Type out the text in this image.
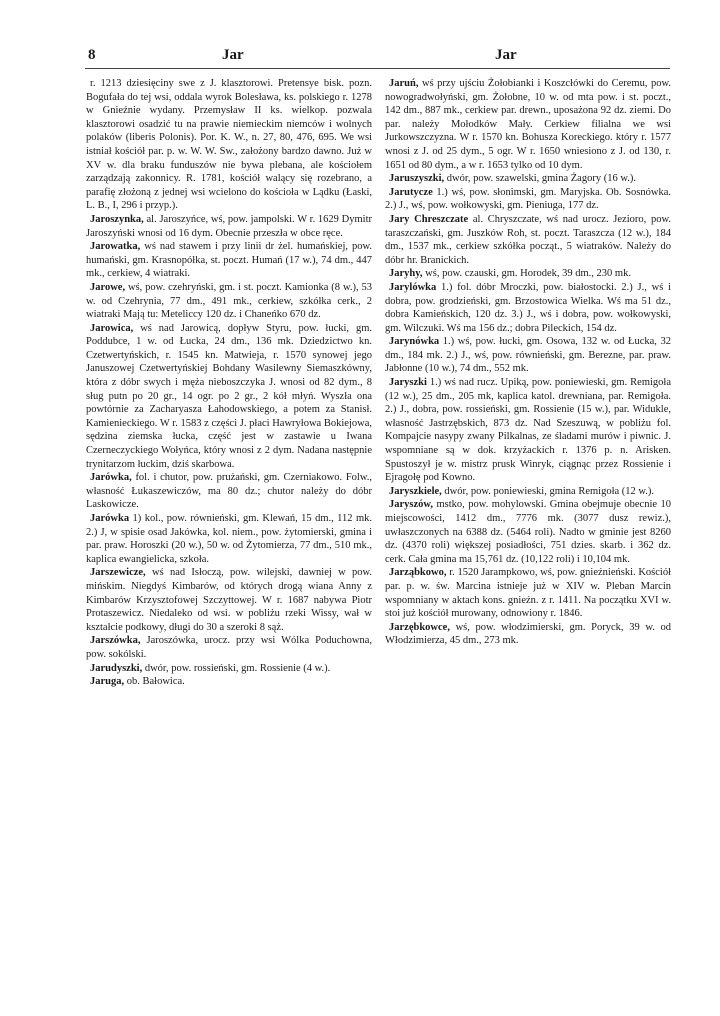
8	Jar	Jar

r. 1213 dziesięciny swe z J. klasztorowi. Pretensye bisk. pozn. Bogufała do tej wsi, oddala wyrok Bolesława, ks. polskiego r. 1278 w Gnieźnie wydany. Przemysław II ks. wielkop. pozwala klasztorowi osadzić tu na prawie niemieckim niemców i wolnych polaków (liberis Polonis). Por. K. W., n. 27, 80, 476, 695. We wsi istniał kościół par. p. w. W. W. Sw., założony bardzo dawno. Już w XV w. dla braku funduszów nie bywa plebana, ale kościołem zarządzają zakonnicy. R. 1781, kościół walący się rozebrano, a parafię złożoną z jednej wsi wcielono do kościoła w Lądku (Łaski, L. B., I, 296 i przyp.).

Jaroszynka, al. Jaroszyńce, wś, pow. jampolski. W r. 1629 Dymitr Jaroszyński wnosi od 16 dym. Obecnie przeszła w obce ręce.

Jarowatka, wś nad stawem i przy linii dr żel. humańskiej, pow. humański, gm. Krasnopółka, st. poczt. Humań (17 w.), 74 dm., 447 mk., cerkiew, 4 wiatraki.

Jarowe, wś, pow. czehryński, gm. i st. poczt. Kamionka (8 w.), 53 w. od Czehrynia, 77 dm., 491 mk., cerkiew, szkółka cerk., 2 wiatraki Mają tu: Meteliccy 120 dz. i Chaneńko 670 dz.

Jarowica, wś nad Jarowicą, dopływ Styru, pow. łucki, gm. Poddubce, 1 w. od Łucka, 24 dm., 136 mk. Dziedzictwo kn. Czetwertyńskich, r. 1545 kn. Matwieja, r. 1570 synowej jego Januszowej Czetwertyńskiej Bohdany Wasilewny Siemaszkówny, która z dóbr swych i męża nieboszczyka J. wnosi od 82 dym., 8 sług putn po 20 gr., 14 ogr. po 2 gr., 2 kół młyń. Wyszła ona powtórnie za Zacharyasza Łahodowskiego, a potem za Stanisł. Kamienieckiego. W r. 1583 z części J. płaci Hawryłowa Bokiejowa, sędzina ziemska łucka, część jest w zastawie u Iwana Czerneczyckiego Wołyńca, który wnosi z 2 dym. Nadana następnie trynitarzom łuckim, dziś skarbowa.

Jarówka, fol. i chutor, pow. prużański, gm. Czerniakowo. Folw., własność Łukaszewiczów, ma 80 dz.; chutor należy do dóbr Laskowicze.

Jarówka 1) kol., pow. równieński, gm. Klewań, 15 dm., 112 mk. 2.) J, w spisie osad Jakówka, kol. niem., pow. żytomierski, gmina i par. praw. Horoszki (20 w.), 50 w. od Żytomierza, 77 dm., 510 mk., kaplica ewangielicka, szkoła.

Jarszewicze, wś nad Isłoczą, pow. wilejski, dawniej w pow. mińskim. Niegdyś Kimbarów, od których drogą wiana Anny z Kimbarów Krzysztofowej Szczyttowej. W r. 1687 nabywa Piotr Protaszewicz. Niedaleko od wsi. w pobliżu rzeki Wissy, wał w kształcie podkowy, długi do 30 a szeroki 8 sąż.

Jarszówka, Jaroszówka, urocz. przy wsi Wólka Poduchowna, pow. sokólski.

Jarudyszki, dwór, pow. rossieński, gm. Rossienie (4 w.).

Jaruga, ob. Bałowica.

Jaruń, wś przy ujściu Żołobianki i Koszcłówki do Ceremu, pow. nowogradwołyński, gm. Żołobne, 10 w. od mta pow. i st. poczt., 142 dm., 887 mk., cerkiew par. drewn., uposażona 92 dz. ziemi. Do par. należy Mołodków Mały. Cerkiew filialna we wsi Jurkowszczyzna. W r. 1570 kn. Bohusza Koreckiego. który r. 1577 wnosi z J. od 25 dym., 5 ogr. W r. 1650 wniesiono z J. od 130, r. 1651 od 80 dym., a w r. 1653 tylko od 10 dym.

Jaruszyszki, dwór, pow. szawelski, gmina Żagory (16 w.).

Jarutycze 1.) wś, pow. słonimski, gm. Maryjska. Ob. Sosnówka. 2.) J., wś, pow. wołkowyski, gm. Pieniuga, 177 dz.

Jary Chreszczate al. Chryszczate, wś nad urocz. Jezioro, pow. taraszczański, gm. Juszków Roh, st. poczt. Taraszcza (12 w.), 184 dm., 1537 mk., cerkiew szkółka począt., 5 wiatraków. Należy do dóbr hr. Branickich.

Jaryhy, wś, pow. czauski, gm. Horodek, 39 dm., 230 mk.

Jarylówka 1.) fol. dóbr Mroczki, pow. białostocki. 2.) J., wś i dobra, pow. grodzieński, gm. Brzostowica Wielka. Wś ma 51 dz., dobra Kamieńskich, 120 dz. 3.) J., wś i dobra, pow. wołkowyski, gm. Wilczuki. Wś ma 156 dz.; dobra Pileckich, 154 dz.

Jarynówka 1.) wś, pow. łucki, gm. Osowa, 132 w. od Łucka, 32 dm., 184 mk. 2.) J., wś, pow. równieński, gm. Berezne, par. praw. Jabłonne (10 w.), 74 dm., 552 mk.

Jaryszki 1.) wś nad rucz. Upiką, pow. poniewieski, gm. Remigoła (12 w.), 25 dm., 205 mk, kaplica katol. drewniana, par. Remigoła. 2.) J., dobra, pow. rossieński, gm. Rossienie (15 w.), par. Widukle, własność Jastrzębskich, 873 dz. Nad Szeszuwą, w pobliżu fol. Kompajcie nasypy zwany Pilkalnas, ze śladami murów i piwnic. J. wspomniane są w dok. krzyżackich r. 1376 p. n. Arisken. Spustoszył je w. mistrz prusk Winryk, ciągnąc przez Rossienie i Ejragołę pod Kowno.

Jaryszkiele, dwór, pow. poniewieski, gmina Remigoła (12 w.).

Jaryszów, mstko, pow. mohylowski. Gmina obejmuje obecnie 10 miejscowości, 1412 dm., 7776 mk. (3077 dusz rewiz.), uwłaszczonych na 6388 dz. (5464 roli). Nadto w gminie jest 8260 dz. (4370 roli) większej posiadłości, 751 dzies. skarb. i 362 dz. cerk. Cała gmina ma 15,761 dz. (10,122 roli) i 10,104 mk.

Jarząbkowo, r. 1520 Jarampkowo, wś, pow. gnieźnieński. Kościół par. p. w. św. Marcina istnieje już w XIV w. Pleban Marcin wspomniany w aktach kons. gnieźn. z r. 1411. Na początku XVI w. stoi już kościół murowany, odnowiony r. 1846.

Jarzębkowce, wś, pow. włodzimierski, gm. Poryck, 39 w. od Włodzimierza, 45 dm., 273 mk.
